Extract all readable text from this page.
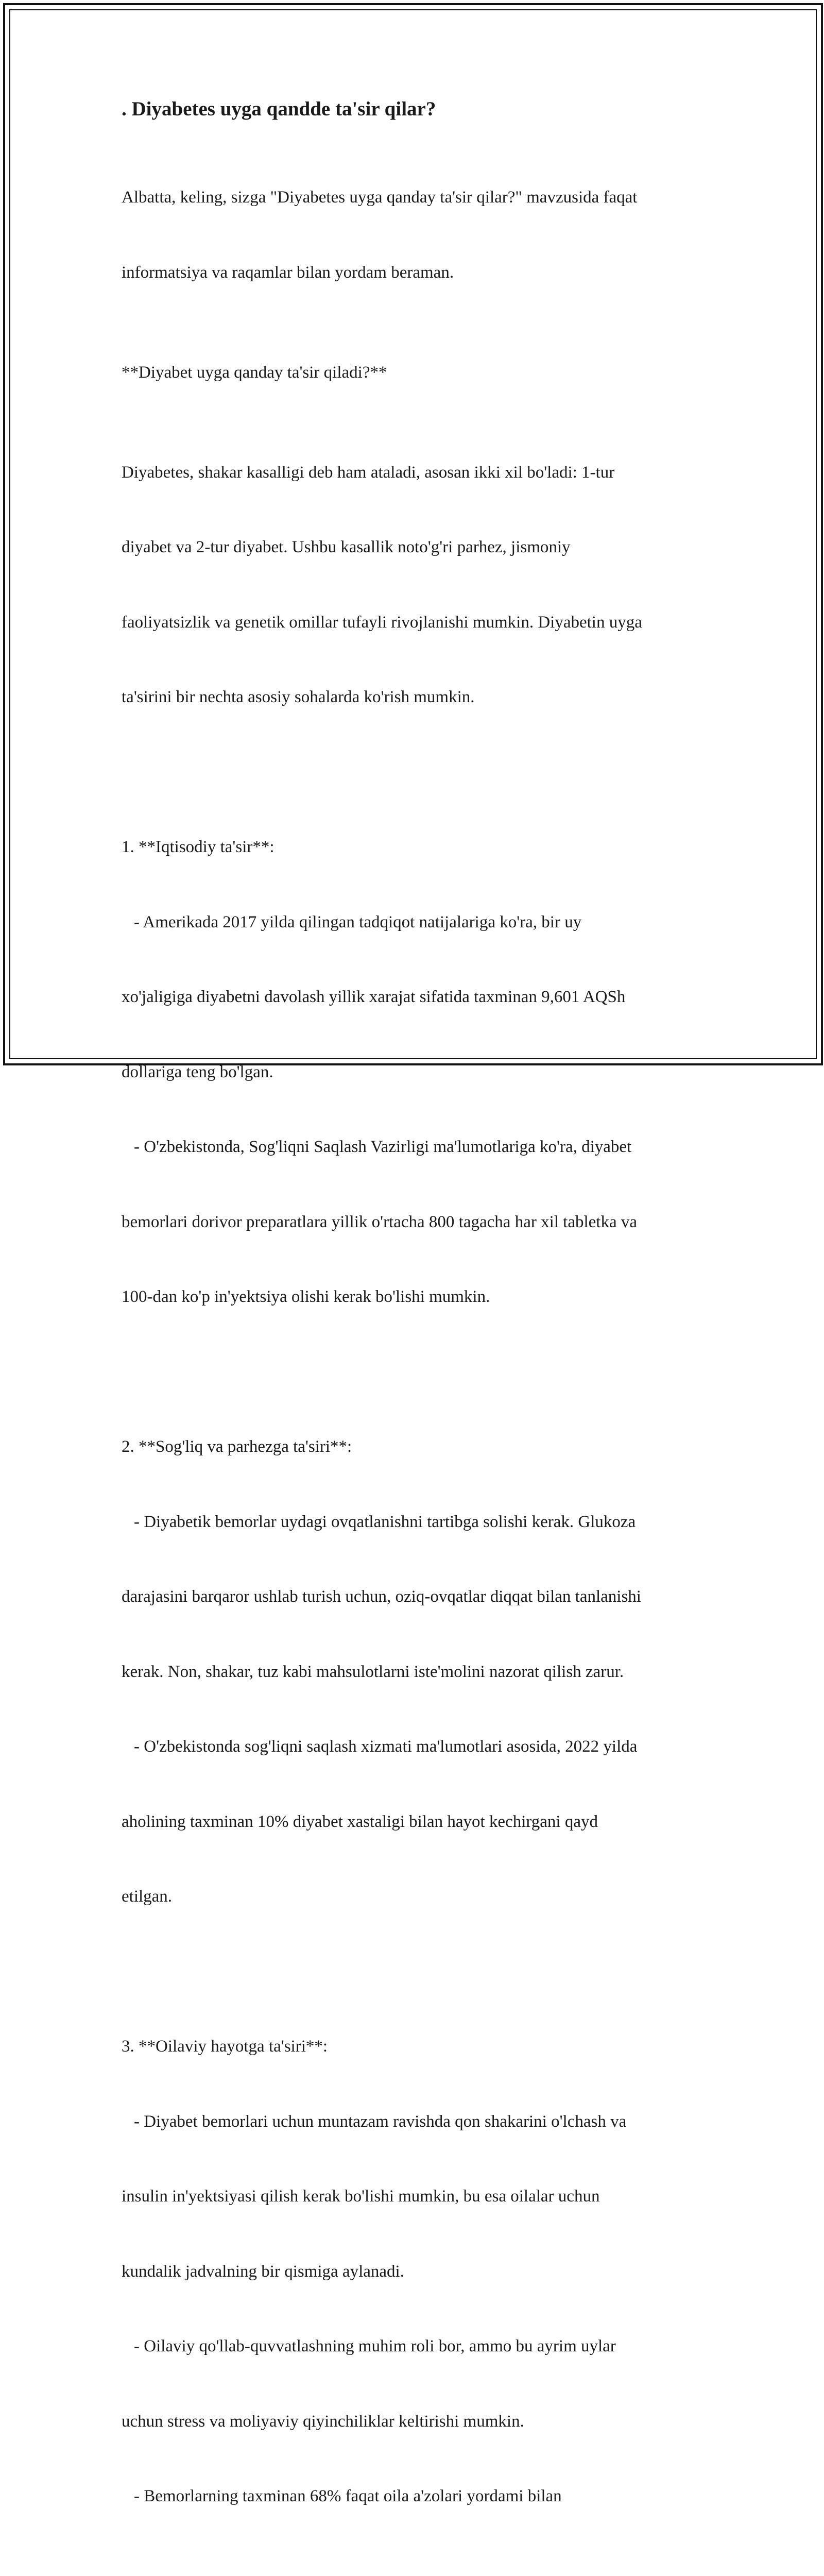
. Diyabetes uyga qandde ta'sir qilar?

Albatta, keling, sizga "Diyabetes uyga qanday ta'sir qilar?" mavzusida faqat

informatsiya va raqamlar bilan yordam beraman.

**Diyabet uyga qanday ta'sir qiladi?**

Diyabetes, shakar kasalligi deb ham ataladi, asosan ikki xil bo'ladi: 1-tur

diyabet va 2-tur diyabet. Ushbu kasallik noto'g'ri parhez, jismoniy

faoliyatsizlik va genetik omillar tufayli rivojlanishi mumkin. Diyabetin uyga

ta'sirini bir nechta asosiy sohalarda ko'rish mumkin.

1. **Iqtisodiy ta'sir**:

- Amerikada 2017 yilda qilingan tadqiqot natijalariga ko'ra, bir uy

xo'jaligiga diyabetni davolash yillik xarajat sifatida taxminan 9,601 AQSh

dollariga teng bo'lgan.

- O'zbekistonda, Sog'liqni Saqlash Vazirligi ma'lumotlariga ko'ra, diyabet

bemorlari dorivor preparatlara yillik o'rtacha 800 tagacha har xil tabletka va

100-dan ko'p in'yektsiya olishi kerak bo'lishi mumkin.

2. **Sog'liq va parhezga ta'siri**:

- Diyabetik bemorlar uydagi ovqatlanishni tartibga solishi kerak. Glukoza

darajasini barqaror ushlab turish uchun, oziq-ovqatlar diqqat bilan tanlanishi

kerak. Non, shakar, tuz kabi mahsulotlarni iste'molini nazorat qilish zarur.

- O'zbekistonda sog'liqni saqlash xizmati ma'lumotlari asosida, 2022 yilda

aholining taxminan 10% diyabet xastaligi bilan hayot kechirgani qayd

etilgan.

3. **Oilaviy hayotga ta'siri**:

- Diyabet bemorlari uchun muntazam ravishda qon shakarini o'lchash va

insulin in'yektsiyasi qilish kerak bo'lishi mumkin, bu esa oilalar uchun

kundalik jadvalning bir qismiga aylanadi.

- Oilaviy qo'llab-quvvatlashning muhim roli bor, ammo bu ayrim uylar

uchun stress va moliyaviy qiyinchiliklar keltirishi mumkin.

- Bemorlarning taxminan 68% faqat oila a'zolari yordami bilan
